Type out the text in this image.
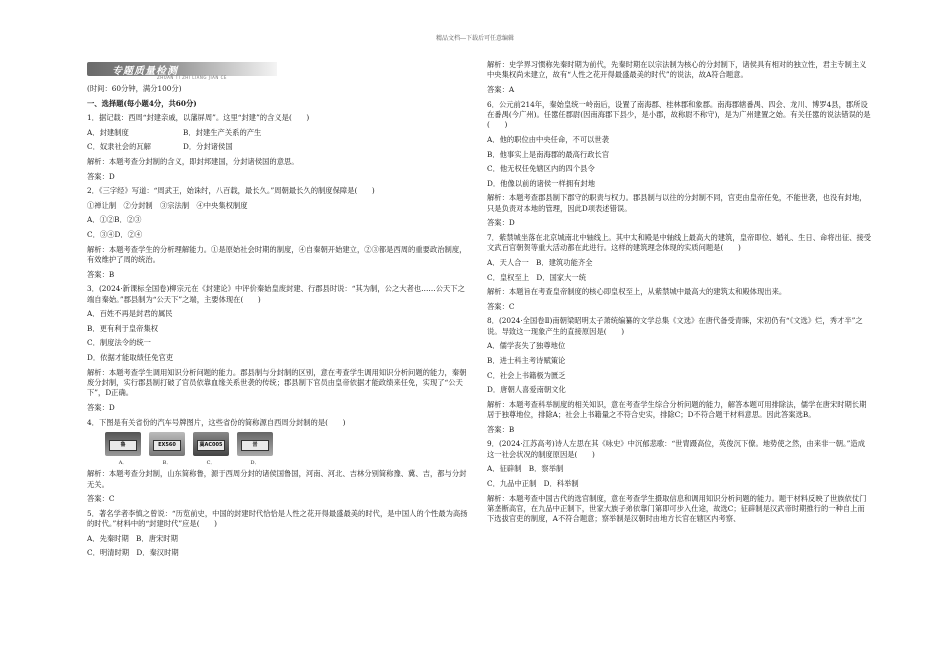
精品文档---下载后可任意编辑
专题质量检测
ZHUAN TI ZHI LIANG JIAN CE

(时间：60分钟，满分100分)

一、选择题(每小题4分，共60分)

1．据记载：西周“封建亲戚，以藩屏周”。这里“封建”的含义是(　　)

A．封建制度	B．封建生产关系的产生
C．奴隶社会的瓦解	D．分封诸侯国

解析：本题考查分封制的含义，即封邦建国，分封诸侯国的意思。

答案：D

2．《三字经》写道：“周武王，始诛纣，八百载，最长久。”周朝最长久的制度保障是(　　)

①禅让制　②分封制　③宗法制　④中央集权制度

A．①②B．②③

C．③④D．②④

解析：本题考查学生的分析理解能力。①是原始社会时期的制度，④自秦朝开始建立，②③都是西周的重要政治制度，有效维护了周的统治。

答案：B

3．(2024·新课标全国卷)柳宗元在《封建论》中评价秦始皇废封建、行郡县时说：“其为制，公之大者也……公天下之端自秦始。”郡县制为“公天下”之端，主要体现在(　　)

A．百姓不再是封君的属民

B．更有利于皇帝集权

C．制度法令的统一

D．依据才能取绩任免官吏

解析：本题考查学生调用知识分析问题的能力。郡县制与分封制的区别，意在考查学生调用知识分析问题的能力，秦朝废分封制，实行郡县制打破了官员依靠血缘关系世袭的传统；郡县制下官员由皇帝依据才能政绩来任免，实现了“公天下”，D正确。

答案：D

4．下图是有关省份的汽车号牌图片，这些省份的简称源自西周分封制的是(　　)

鲁	EX560	冀AC005	晋
A．	B．	C．	D．

解析：本题考查分封制，山东简称鲁，源于西周分封的诸侯国鲁国，河南、河北、吉林分别简称豫、冀、吉，都与分封无关。

答案：C

5．著名学者李慎之曾说：“历览前史，中国的封建时代恰恰是人性之花开得最盛最美的时代，是中国人的个性最为高扬的时代。”材料中的“封建时代”应是(　　)

A．先秦时期　B．唐宋时期

C．明清时期　D．秦汉时期

解析：史学界习惯称先秦时期为前代，先秦时期在以宗法制为核心的分封制下，诸侯具有相对的独立性，君主专制主义中央集权尚未建立，故有“人性之花开得最盛最美的时代”的说法，故A符合题意。

答案：A

6．公元前214年，秦始皇统一岭南后，设置了南海郡、桂林郡和象郡。南海郡辖番禺、四会、龙川、博罗4县，郡所设在番禺(今广州)。任嚣任郡尉(因南海郡下县少，是小郡，故称尉不称守)，是为广州建置之始。有关任嚣的说法错误的是(　　)

A．他的职位由中央任命，不可以世袭

B．他事实上是南海郡的最高行政长官

C．他无权任免辖区内的四个县令

D．他像以前的诸侯一样拥有封地

解析：本题考查郡县制下郡守的职责与权力。郡县制与以往的分封制不同，官吏由皇帝任免，不能世袭，也没有封地，只是负责对本地的管理，因此D项表述错误。

答案：D

7．紫禁城坐落在北京城南北中轴线上。其中太和殿是中轴线上最高大的建筑，皇帝即位、婚礼、生日、命将出征、接受文武百官朝贺等重大活动都在此进行。这样的建筑理念体现的实质问题是(　　)

A．天人合一　B．建筑功能齐全

C．皇权至上　D．国家大一统

解析：本题旨在考查皇帝制度的核心即皇权至上，从紫禁城中最高大的建筑太和殿体现出来。

答案：C

8．(2024·全国卷Ⅱ)南朝梁昭明太子萧统编纂的文学总集《文选》在唐代备受青睐，宋初仍有“《文选》烂，秀才半”之说。导致这一现象产生的直接原因是(　　)

A．儒学丧失了独尊地位

B．进士科主考诗赋策论

C．社会上书籍极为匮乏

D．唐朝人喜爱南朝文化

解析：本题考查科举制度的相关知识，意在考查学生综合分析问题的能力，解答本题可用排除法，儒学在唐宋时期长期居于独尊地位，排除A；社会上书籍量之不符合史实，排除C；D不符合题干材料意思。因此答案选B。

答案：B

9．(2024·江苏高考)诗人左思在其《咏史》中沉郁悲歌：“世胄蹑高位，英俊沉下僚。地势使之然，由来非一朝。”造成这一社会状况的制度原因是(　　)

A．征辟制　B．察举制

C．九品中正制　D．科举制

解析：本题考查中国古代的选官制度，意在考查学生摄取信息和调用知识分析问题的能力。题干材料反映了世族依仗门第垄断高官，在九品中正制下，世家大族子弟依靠门第即可步入仕途，故选C；征辟制是汉武帝时期推行的一种自上而下选拔官吏的制度，A不符合题意；察举制是汉朝时由地方长官在辖区内考察、
